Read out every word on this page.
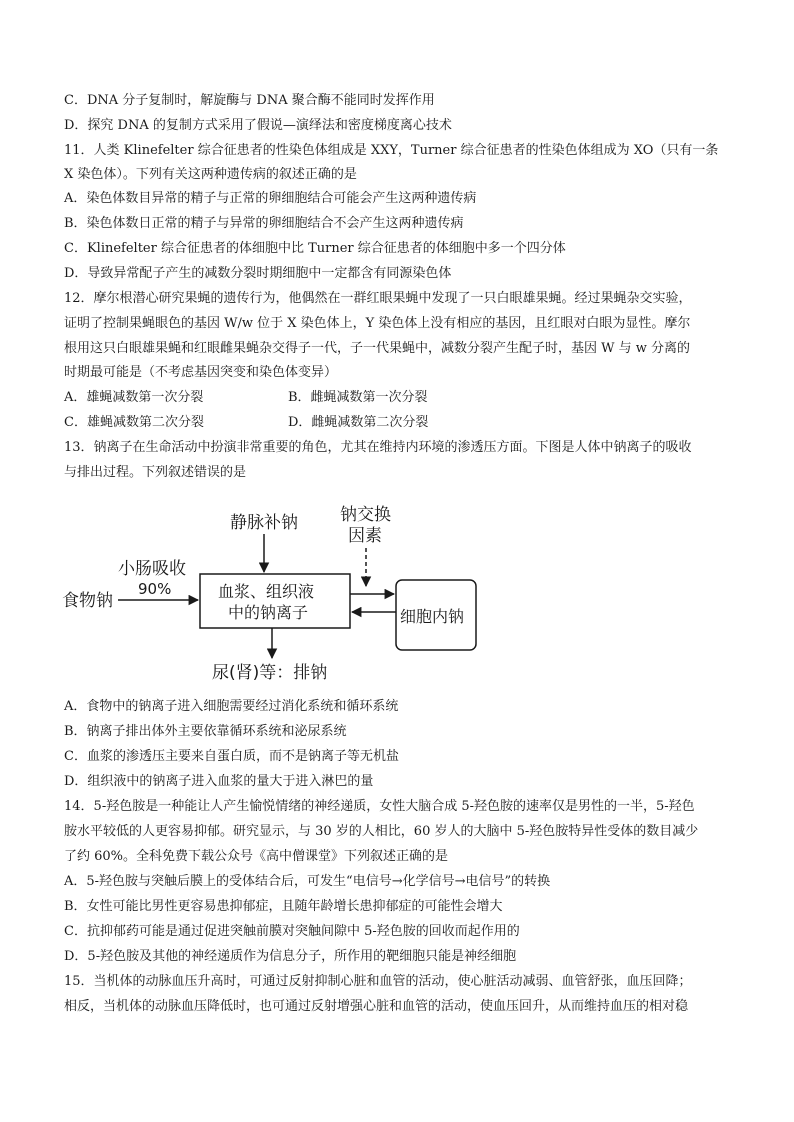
C．DNA 分子复制时，解旋酶与 DNA 聚合酶不能同时发挥作用
D．探究 DNA 的复制方式采用了假说—演绎法和密度梯度离心技术
11．人类 Klinefelter 综合征患者的性染色体组成是 XXY，Turner 综合征患者的性染色体组成为 XO（只有一条
X 染色体）。下列有关这两种遗传病的叙述正确的是
A．染色体数目异常的精子与正常的卵细胞结合可能会产生这两种遗传病
B．染色体数日正常的精子与异常的卵细胞结合不会产生这两种遗传病
C．Klinefelter 综合征患者的体细胞中比 Turner 综合征患者的体细胞中多一个四分体
D．导致异常配子产生的减数分裂时期细胞中一定都含有同源染色体
12．摩尔根潜心研究果蝇的遗传行为，他偶然在一群红眼果蝇中发现了一只白眼雄果蝇。经过果蝇杂交实验，
证明了控制果蝇眼色的基因 W/w 位于 X 染色体上，Y 染色体上没有相应的基因，且红眼对白眼为显性。摩尔
根用这只白眼雄果蝇和红眼雌果蝇杂交得子一代，子一代果蝇中，减数分裂产生配子时，基因 W 与 w 分离的
时期最可能是（不考虑基因突变和染色体变异）
A．雄蝇减数第一次分裂	B．雌蝇减数第一次分裂
C．雄蝇减数第二次分裂	D．雌蝇减数第二次分裂
13．钠离子在生命活动中扮演非常重要的角色，尤其在维持内环境的渗透压方面。下图是人体中钠离子的吸收
与排出过程。下列叙述错误的是
静脉补钠 钠交换
因素
小肠吸收
90%
食物钠	血浆、组织液
中的钠离子	细胞内钠
尿(肾)等：排钠
A．食物中的钠离子进入细胞需要经过消化系统和循环系统
B．钠离子排出体外主要依靠循环系统和泌尿系统
C．血浆的渗透压主要来自蛋白质，而不是钠离子等无机盐
D．组织液中的钠离子进入血浆的量大于进入淋巴的量
14．5-羟色胺是一种能让人产生愉悦情绪的神经递质，女性大脑合成 5-羟色胺的速率仅是男性的一半，5-羟色
胺水平较低的人更容易抑郁。研究显示，与 30 岁的人相比，60 岁人的大脑中 5-羟色胺特异性受体的数目减少
了约 60%。全科免费下载公众号《高中僧课堂》下列叙述正确的是
A．5-羟色胺与突触后膜上的受体结合后，可发生“电信号→化学信号→电信号”的转换
B．女性可能比男性更容易患抑郁症，且随年龄增长患抑郁症的可能性会增大
C．抗抑郁药可能是通过促进突触前膜对突触间隙中 5-羟色胺的回收而起作用的
D．5-羟色胺及其他的神经递质作为信息分子，所作用的靶细胞只能是神经细胞
15．当机体的动脉血压升高时，可通过反射抑制心脏和血管的活动，使心脏活动减弱、血管舒张，血压回降；
相反，当机体的动脉血压降低时，也可通过反射增强心脏和血管的活动，使血压回升，从而维持血压的相对稳
